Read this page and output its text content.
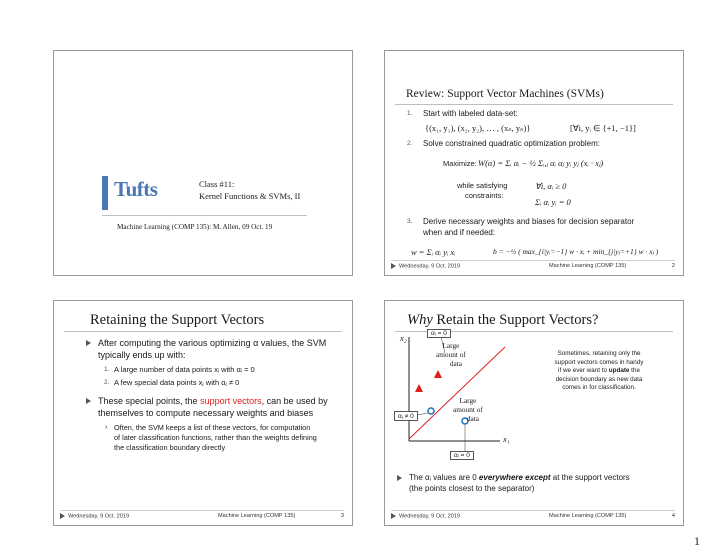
Tufts	Class #11:
Kernel Functions & SVMs, II
Machine Learning (COMP 135): M. Allen, 09 Oct. 19
Review: Support Vector Machines (SVMs)
1. Start with labeled data-set:
{(x₁, y₁), (x₂, y₂), … , (xₙ, yₙ)}	[∀i, yᵢ ∈ {+1, −1}]
2. Solve constrained quadratic optimization problem:
Maximize: W(α) = Σᵢ αᵢ − ½ Σᵢ,ⱼ αᵢ αⱼ yᵢ yⱼ (xᵢ · xⱼ)
while satisfying
constraints:
∀i, αᵢ ≥ 0
Σᵢ αᵢ yᵢ = 0
3. Derive necessary weights and biases for decision separator
when and if needed:
w = Σᵢ αᵢ yᵢ xᵢ	b = −½ ( max_{i|yᵢ=−1} w · xᵢ + min_{j|yⱼ=+1} w · xⱼ )
Wednesday, 9 Oct. 2019	Machine Learning (COMP 135)	2
Retaining the Support Vectors
After computing the various optimizing α values, the SVM
typically ends up with:
1. A large number of data points xᵢ with αᵢ = 0
2. A few special data points xⱼ with αⱼ ≠ 0
These special points, the support vectors, can be used by
themselves to compute necessary weights and biases
› Often, the SVM keeps a list of these vectors, for computation
of later classification functions, rather than the weights defining
the classification boundary directly
Wednesday, 9 Oct. 2019	Machine Learning (COMP 135)	3
Why Retain the Support Vectors?
x₂
x₁
αᵢ = 0
αⱼ ≠ 0
αᵢ = 0
Large
amount of
data
Large
amount of
data
Sometimes, retaining only the
support vectors comes in handy
if we ever want to update the
decision boundary as new data
comes in for classification.
The αᵢ values are 0 everywhere except at the support vectors
(the points closest to the separator)
Wednesday, 9 Oct. 2019	Machine Learning (COMP 135)	4
1
